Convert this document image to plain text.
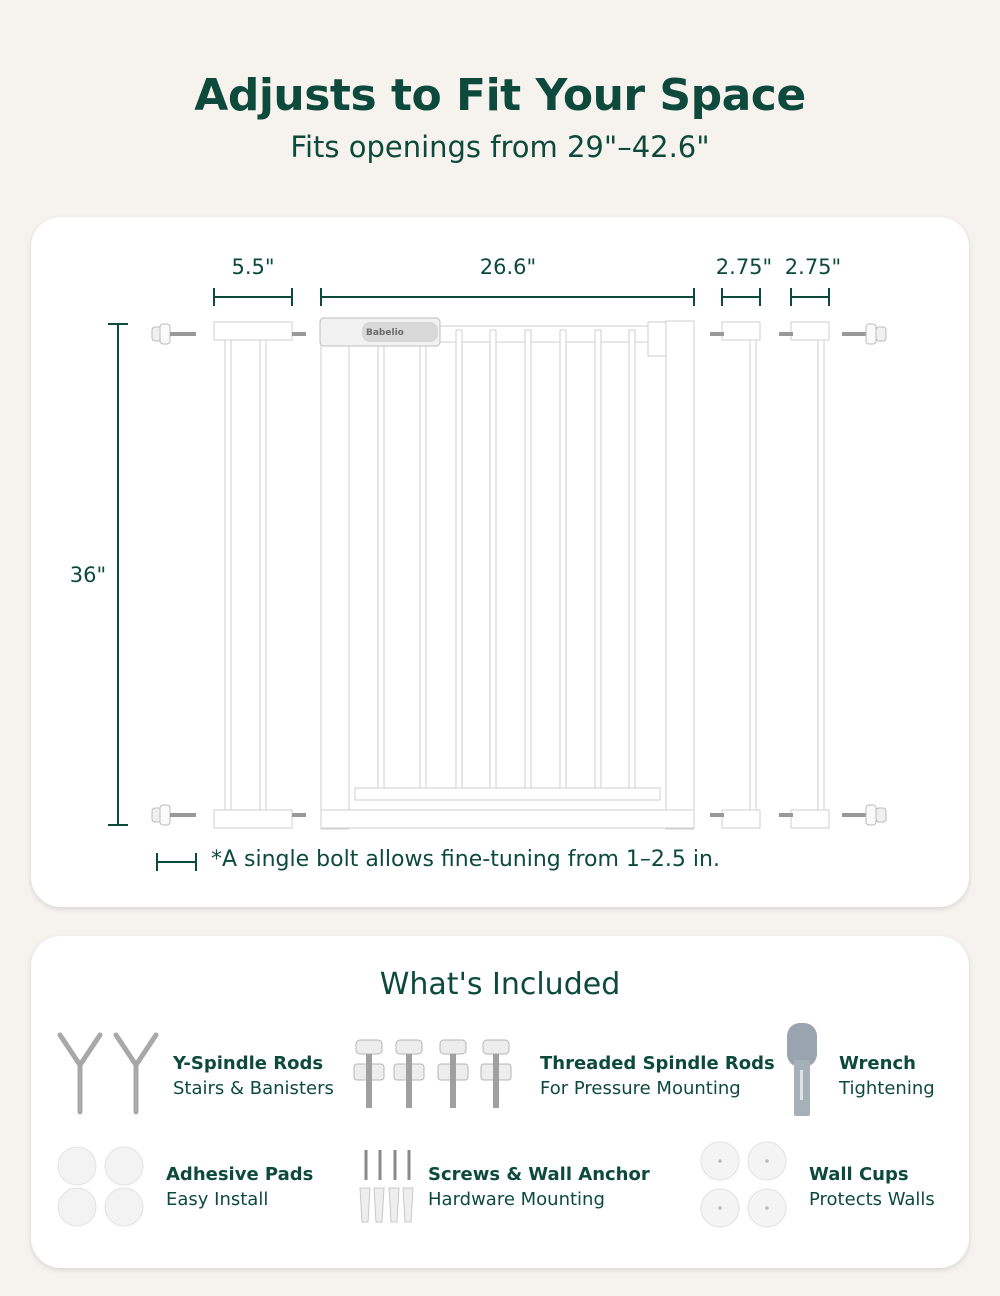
Adjusts to Fit Your Space
Fits openings from 29"–42.6"
5.5"	26.6"	2.75" 2.75"
36"
Babelio
*A single bolt allows fine-tuning from 1–2.5 in.
What's Included
Y-Spindle Rods
Stairs & Banisters
Threaded Spindle Rods
For Pressure Mounting
Wrench
Tightening
Adhesive Pads
Easy Install
Screws & Wall Anchor
Hardware Mounting
Wall Cups
Protects Walls
